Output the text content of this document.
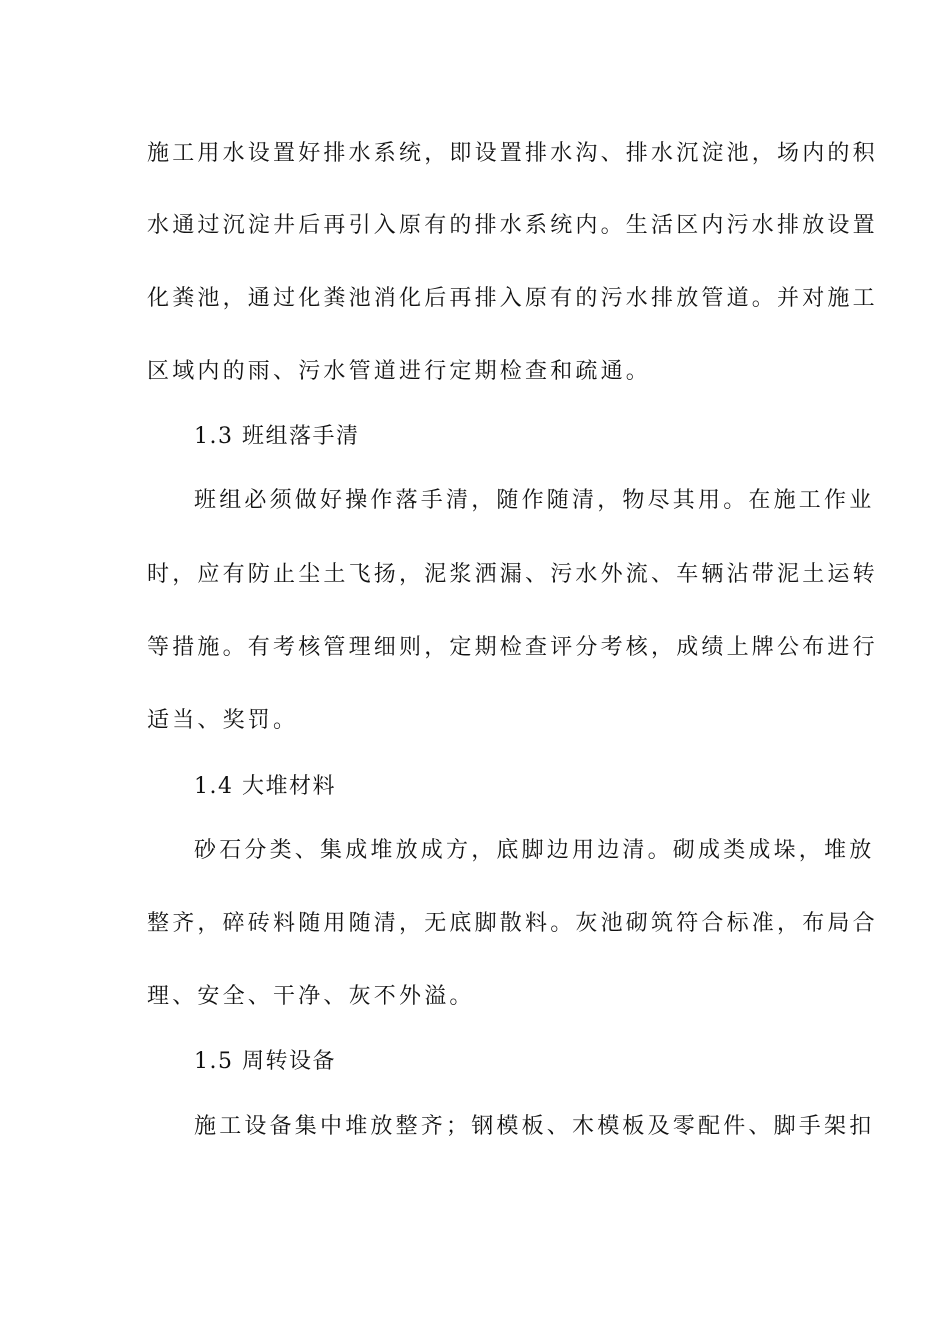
施工用水设置好排水系统，即设置排水沟、排水沉淀池，场内的积
水通过沉淀井后再引入原有的排水系统内。生活区内污水排放设置
化粪池，通过化粪池消化后再排入原有的污水排放管道。并对施工
区域内的雨、污水管道进行定期检查和疏通。
1.3 班组落手清
班组必须做好操作落手清，随作随清，物尽其用。在施工作业
时，应有防止尘土飞扬，泥浆洒漏、污水外流、车辆沾带泥土运转
等措施。有考核管理细则，定期检查评分考核，成绩上牌公布进行
适当、奖罚。
1.4 大堆材料
砂石分类、集成堆放成方，底脚边用边清。砌成类成垛，堆放
整齐，碎砖料随用随清，无底脚散料。灰池砌筑符合标准，布局合
理、安全、干净、灰不外溢。
1.5 周转设备
施工设备集中堆放整齐；钢模板、木模板及零配件、脚手架扣
